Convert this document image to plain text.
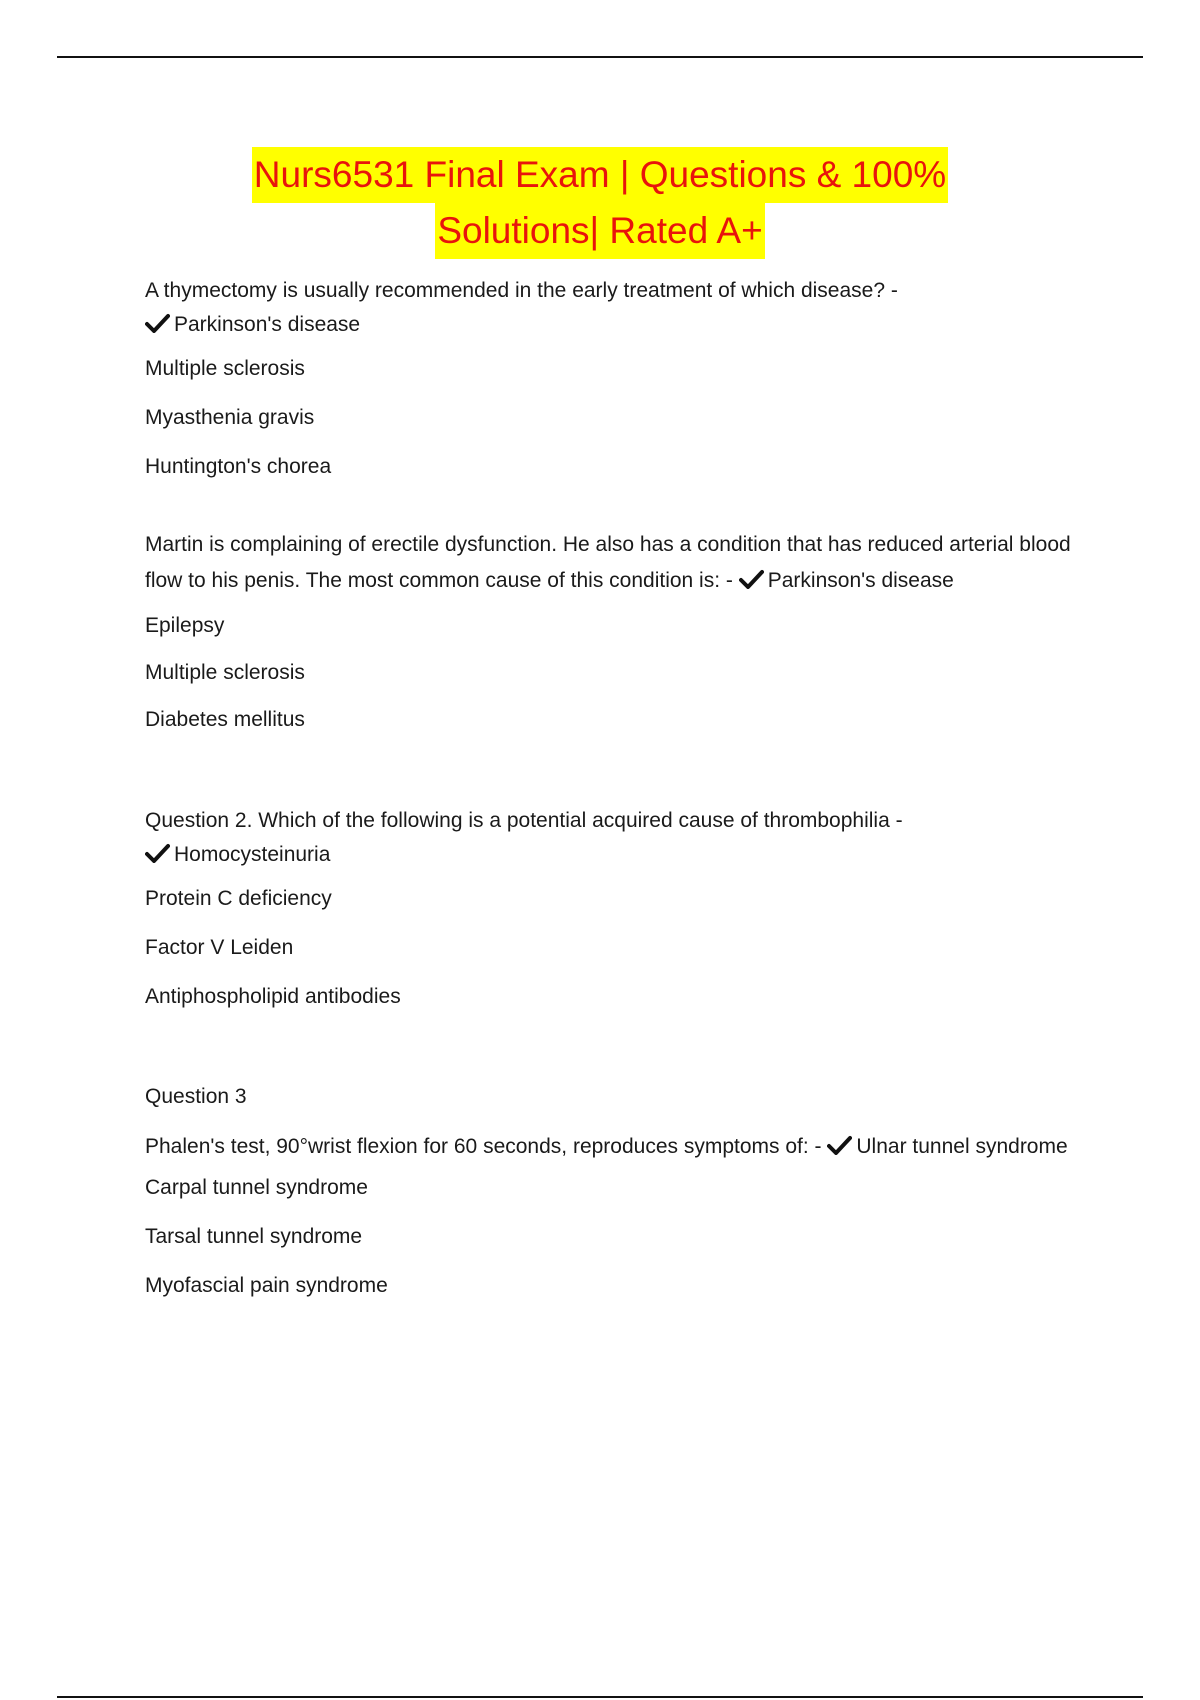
Nurs6531 Final Exam | Questions & 100%
Solutions| Rated A+
A thymectomy is usually recommended in the early treatment of which disease? -

Parkinson's disease
Multiple sclerosis
Myasthenia gravis
Huntington's chorea
Martin is complaining of erectile dysfunction. He also has a condition that has reduced arterial blood flow to his penis. The most common cause of this condition is: - Parkinson's disease
Epilepsy
Multiple sclerosis
Diabetes mellitus
Question 2. Which of the following is a potential acquired cause of thrombophilia -

Homocysteinuria
Protein C deficiency
Factor V Leiden
Antiphospholipid antibodies
Question 3
Phalen's test, 90°wrist flexion for 60 seconds, reproduces symptoms of: - Ulnar tunnel syndrome
Carpal tunnel syndrome
Tarsal tunnel syndrome
Myofascial pain syndrome
